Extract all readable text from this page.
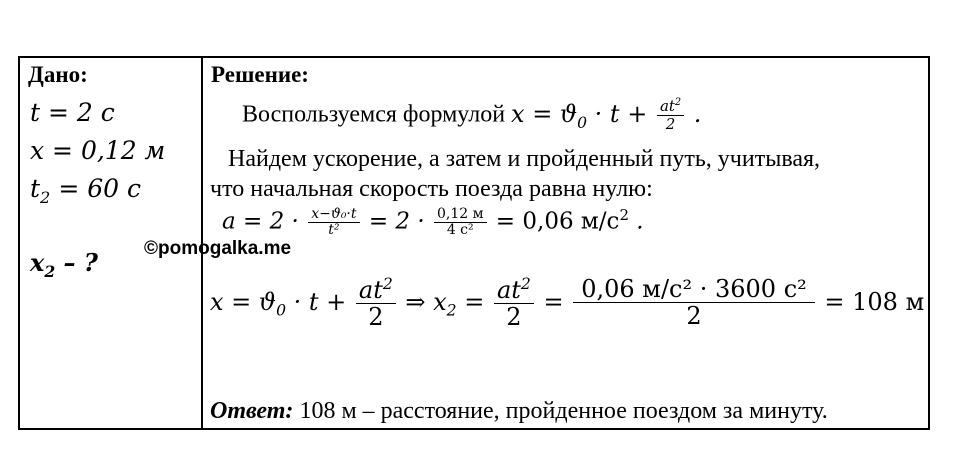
Дано:
t = 2 c
x = 0,12 м
$t_2 = 60$ c
$x_2$ – ?
Решение:
Воспользуемся формулой $x = ϑ_0 \cdot t + \frac{at^2}{2}$ .
Найдем ускорение, а затем и пройденный путь, учитывая,
что начальная скорость поезда равна нулю:
$a = 2 \cdot \frac{\text{x−ϑ₀·t}}{\text{t²}} = 2 \cdot \frac{0,12 м}{\text{4 c²}} = 0,06$ $м/c^2$ .
$x = ϑ_0 \cdot t + \frac{at^2}{2}$ ⇒ $x_2 = \frac{at^2}{2} = \frac{\text{0,06 м/c² · 3600 c²}}{2} = 108$ м
Ответ: 108 м – расстояние, пройденное поездом за минуту.
©pomogalka.me
